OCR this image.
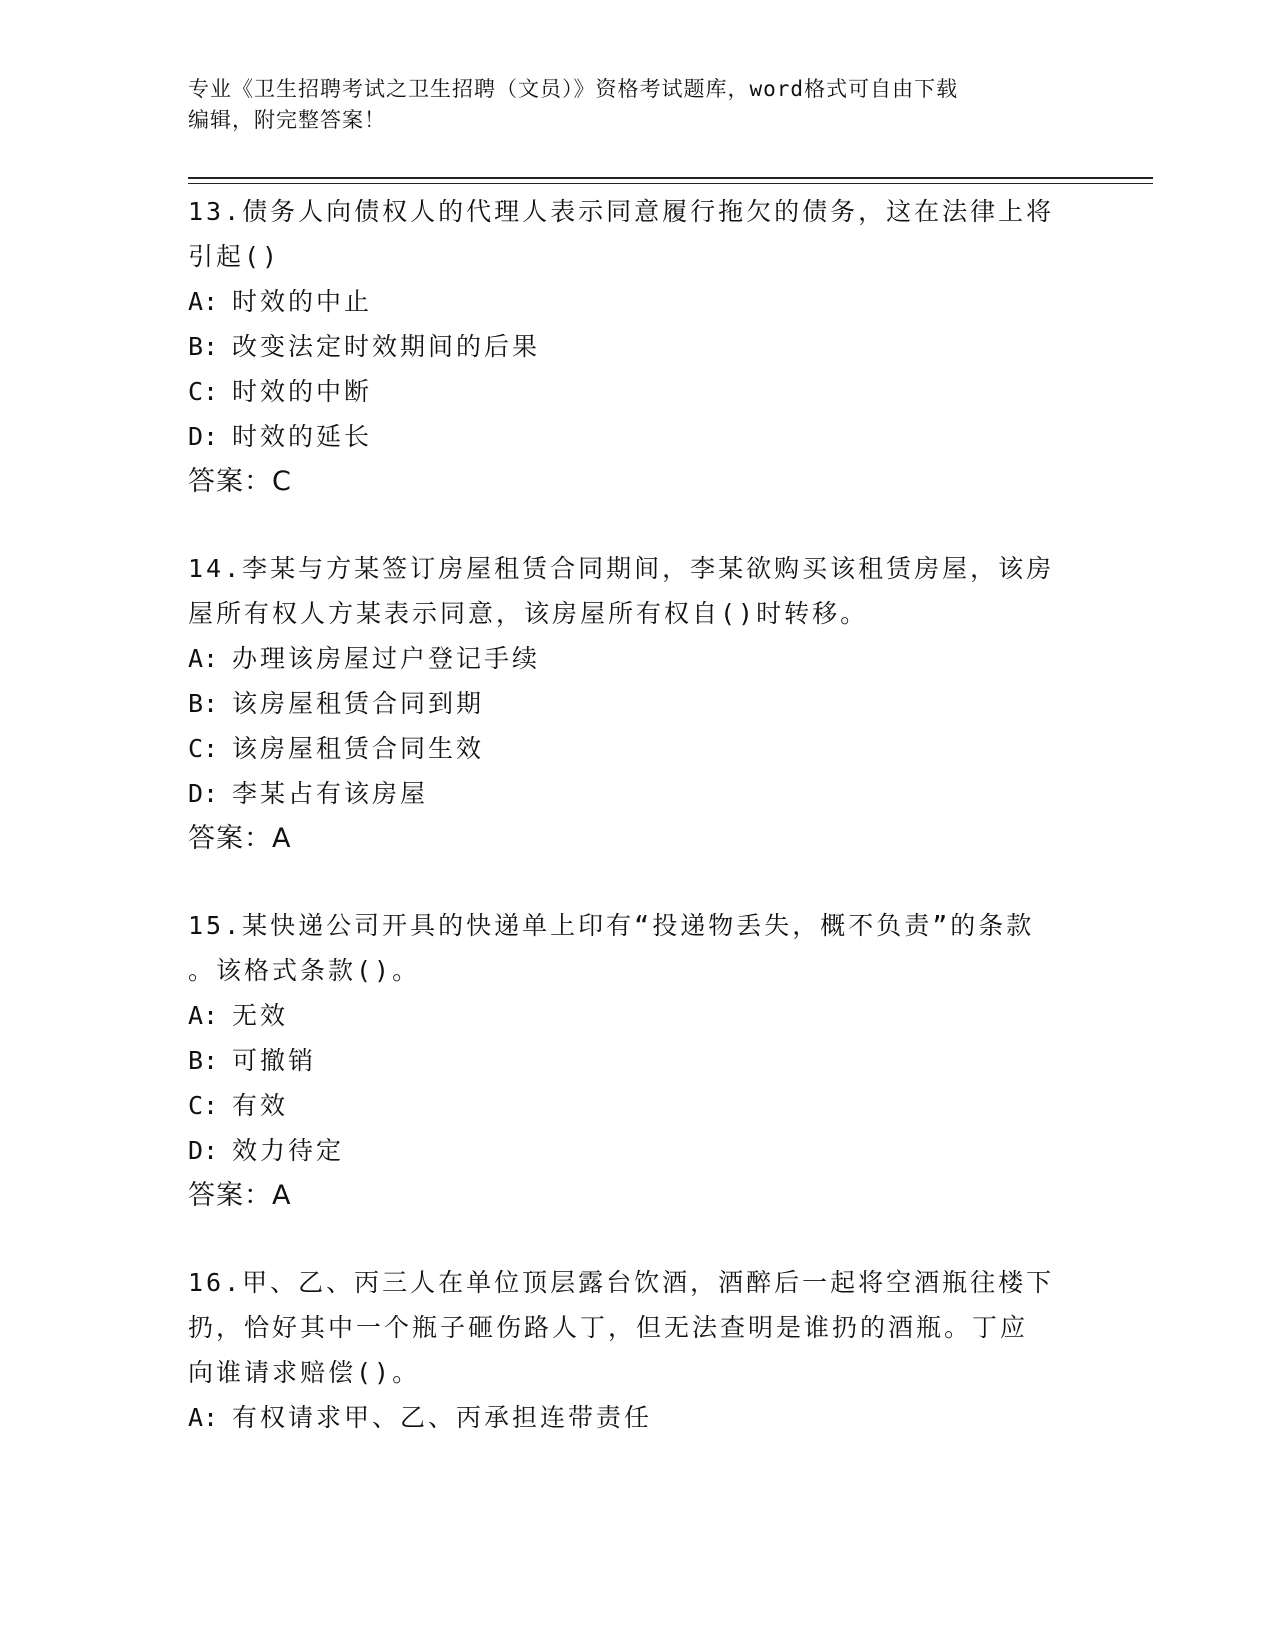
专业《卫生招聘考试之卫生招聘（文员）》资格考试题库，word格式可自由下载
编辑，附完整答案！
13.债务人向债权人的代理人表示同意履行拖欠的债务，这在法律上将
引起()
A: 时效的中止
B: 改变法定时效期间的后果
C: 时效的中断
D: 时效的延长
答案：C
14.李某与方某签订房屋租赁合同期间，李某欲购买该租赁房屋，该房
屋所有权人方某表示同意，该房屋所有权自()时转移。
A: 办理该房屋过户登记手续
B: 该房屋租赁合同到期
C: 该房屋租赁合同生效
D: 李某占有该房屋
答案：A
15.某快递公司开具的快递单上印有“投递物丢失，概不负责”的条款
。该格式条款()。
A: 无效
B: 可撤销
C: 有效
D: 效力待定
答案：A
16.甲、乙、丙三人在单位顶层露台饮酒，酒醉后一起将空酒瓶往楼下
扔，恰好其中一个瓶子砸伤路人丁，但无法查明是谁扔的酒瓶。丁应
向谁请求赔偿()。
A: 有权请求甲、乙、丙承担连带责任
